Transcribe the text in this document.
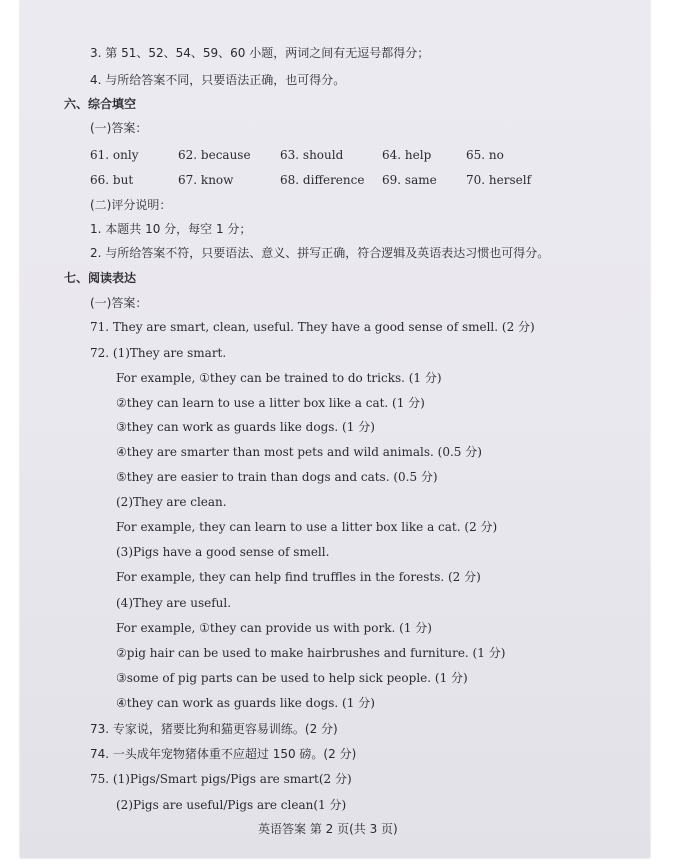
3. 第 51、52、54、59、60 小题，两词之间有无逗号都得分；
4. 与所给答案不同，只要语法正确，也可得分。
六、综合填空
(一)答案：
61. only	62. because 63. should	64. help	65. no
66. but	67. know	68. difference 69. same 70. herself
(二)评分说明：
1. 本题共 10 分，每空 1 分；
2. 与所给答案不符，只要语法、意义、拼写正确，符合逻辑及英语表达习惯也可得分。
七、阅读表达
(一)答案：
71. They are smart, clean, useful. They have a good sense of smell. (2 分)
72. (1)They are smart.
For example, ①they can be trained to do tricks. (1 分)
②they can learn to use a litter box like a cat. (1 分)
③they can work as guards like dogs. (1 分)
④they are smarter than most pets and wild animals. (0.5 分)
⑤they are easier to train than dogs and cats. (0.5 分)
(2)They are clean.
For example, they can learn to use a litter box like a cat. (2 分)
(3)Pigs have a good sense of smell.
For example, they can help find truffles in the forests. (2 分)
(4)They are useful.
For example, ①they can provide us with pork. (1 分)
②pig hair can be used to make hairbrushes and furniture. (1 分)
③some of pig parts can be used to help sick people. (1 分)
④they can work as guards like dogs. (1 分)
73. 专家说，猪要比狗和猫更容易训练。(2 分)
74. 一头成年宠物猪体重不应超过 150 磅。(2 分)
75. (1)Pigs/Smart pigs/Pigs are smart(2 分)
(2)Pigs are useful/Pigs are clean(1 分)
英语答案 第 2 页(共 3 页)
